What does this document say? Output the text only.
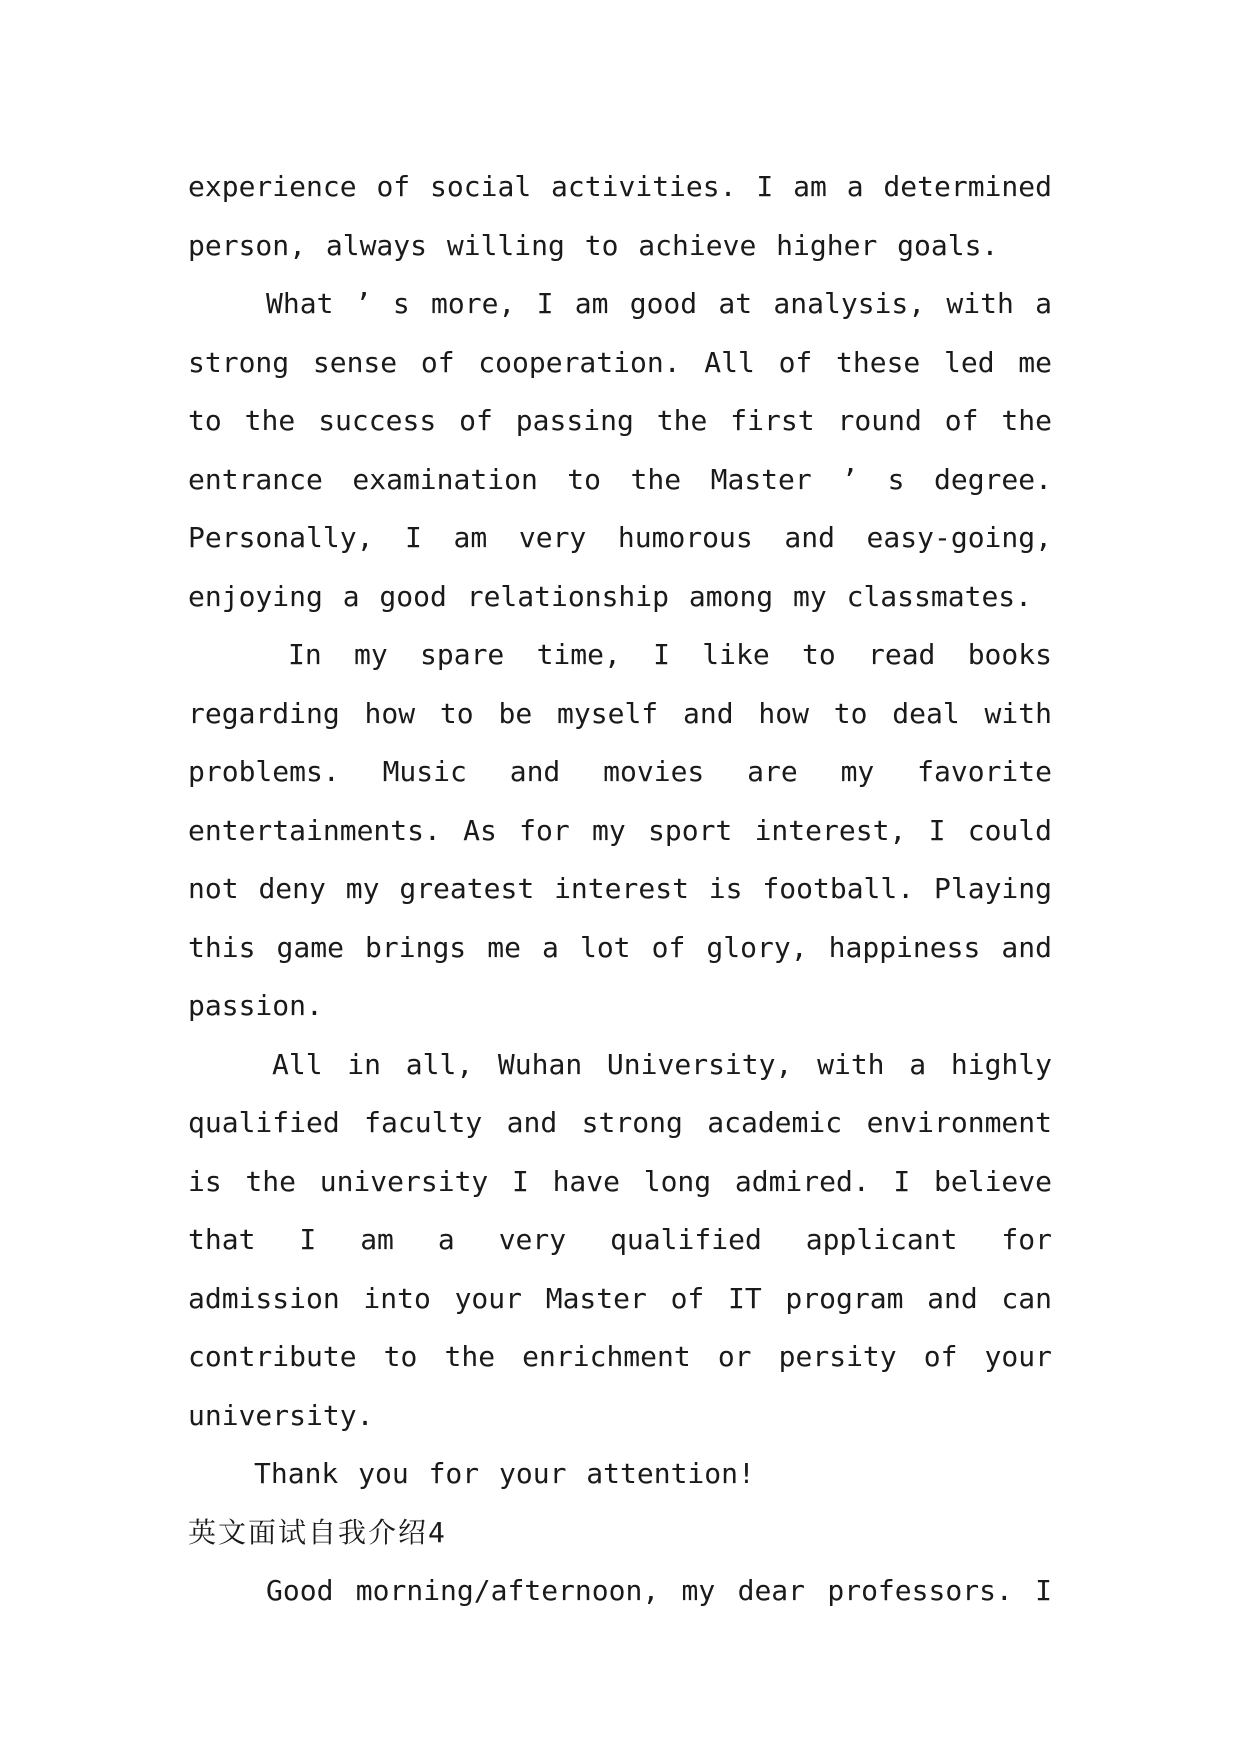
experience of social activities. I am a determined person, always willing to achieve higher goals.

What ’ s more, I am good at analysis, with a strong sense of cooperation. All of these led me to the success of passing the first round of the entrance examination to the Master ’ s degree. Personally, I am very humorous and easy-going, enjoying a good relationship among my classmates.

In my spare time, I like to read books regarding how to be myself and how to deal with problems. Music and movies are my favorite entertainments. As for my sport interest, I could not deny my greatest interest is football. Playing this game brings me a lot of glory, happiness and passion.

All in all, Wuhan University, with a highly qualified faculty and strong academic environment is the university I have long admired. I believe that I am a very qualified applicant for admission into your Master of IT program and can contribute to the enrichment or persity of your university.

Thank you for your attention!

英文面试自我介绍4

Good morning/afternoon, my dear professors. I
